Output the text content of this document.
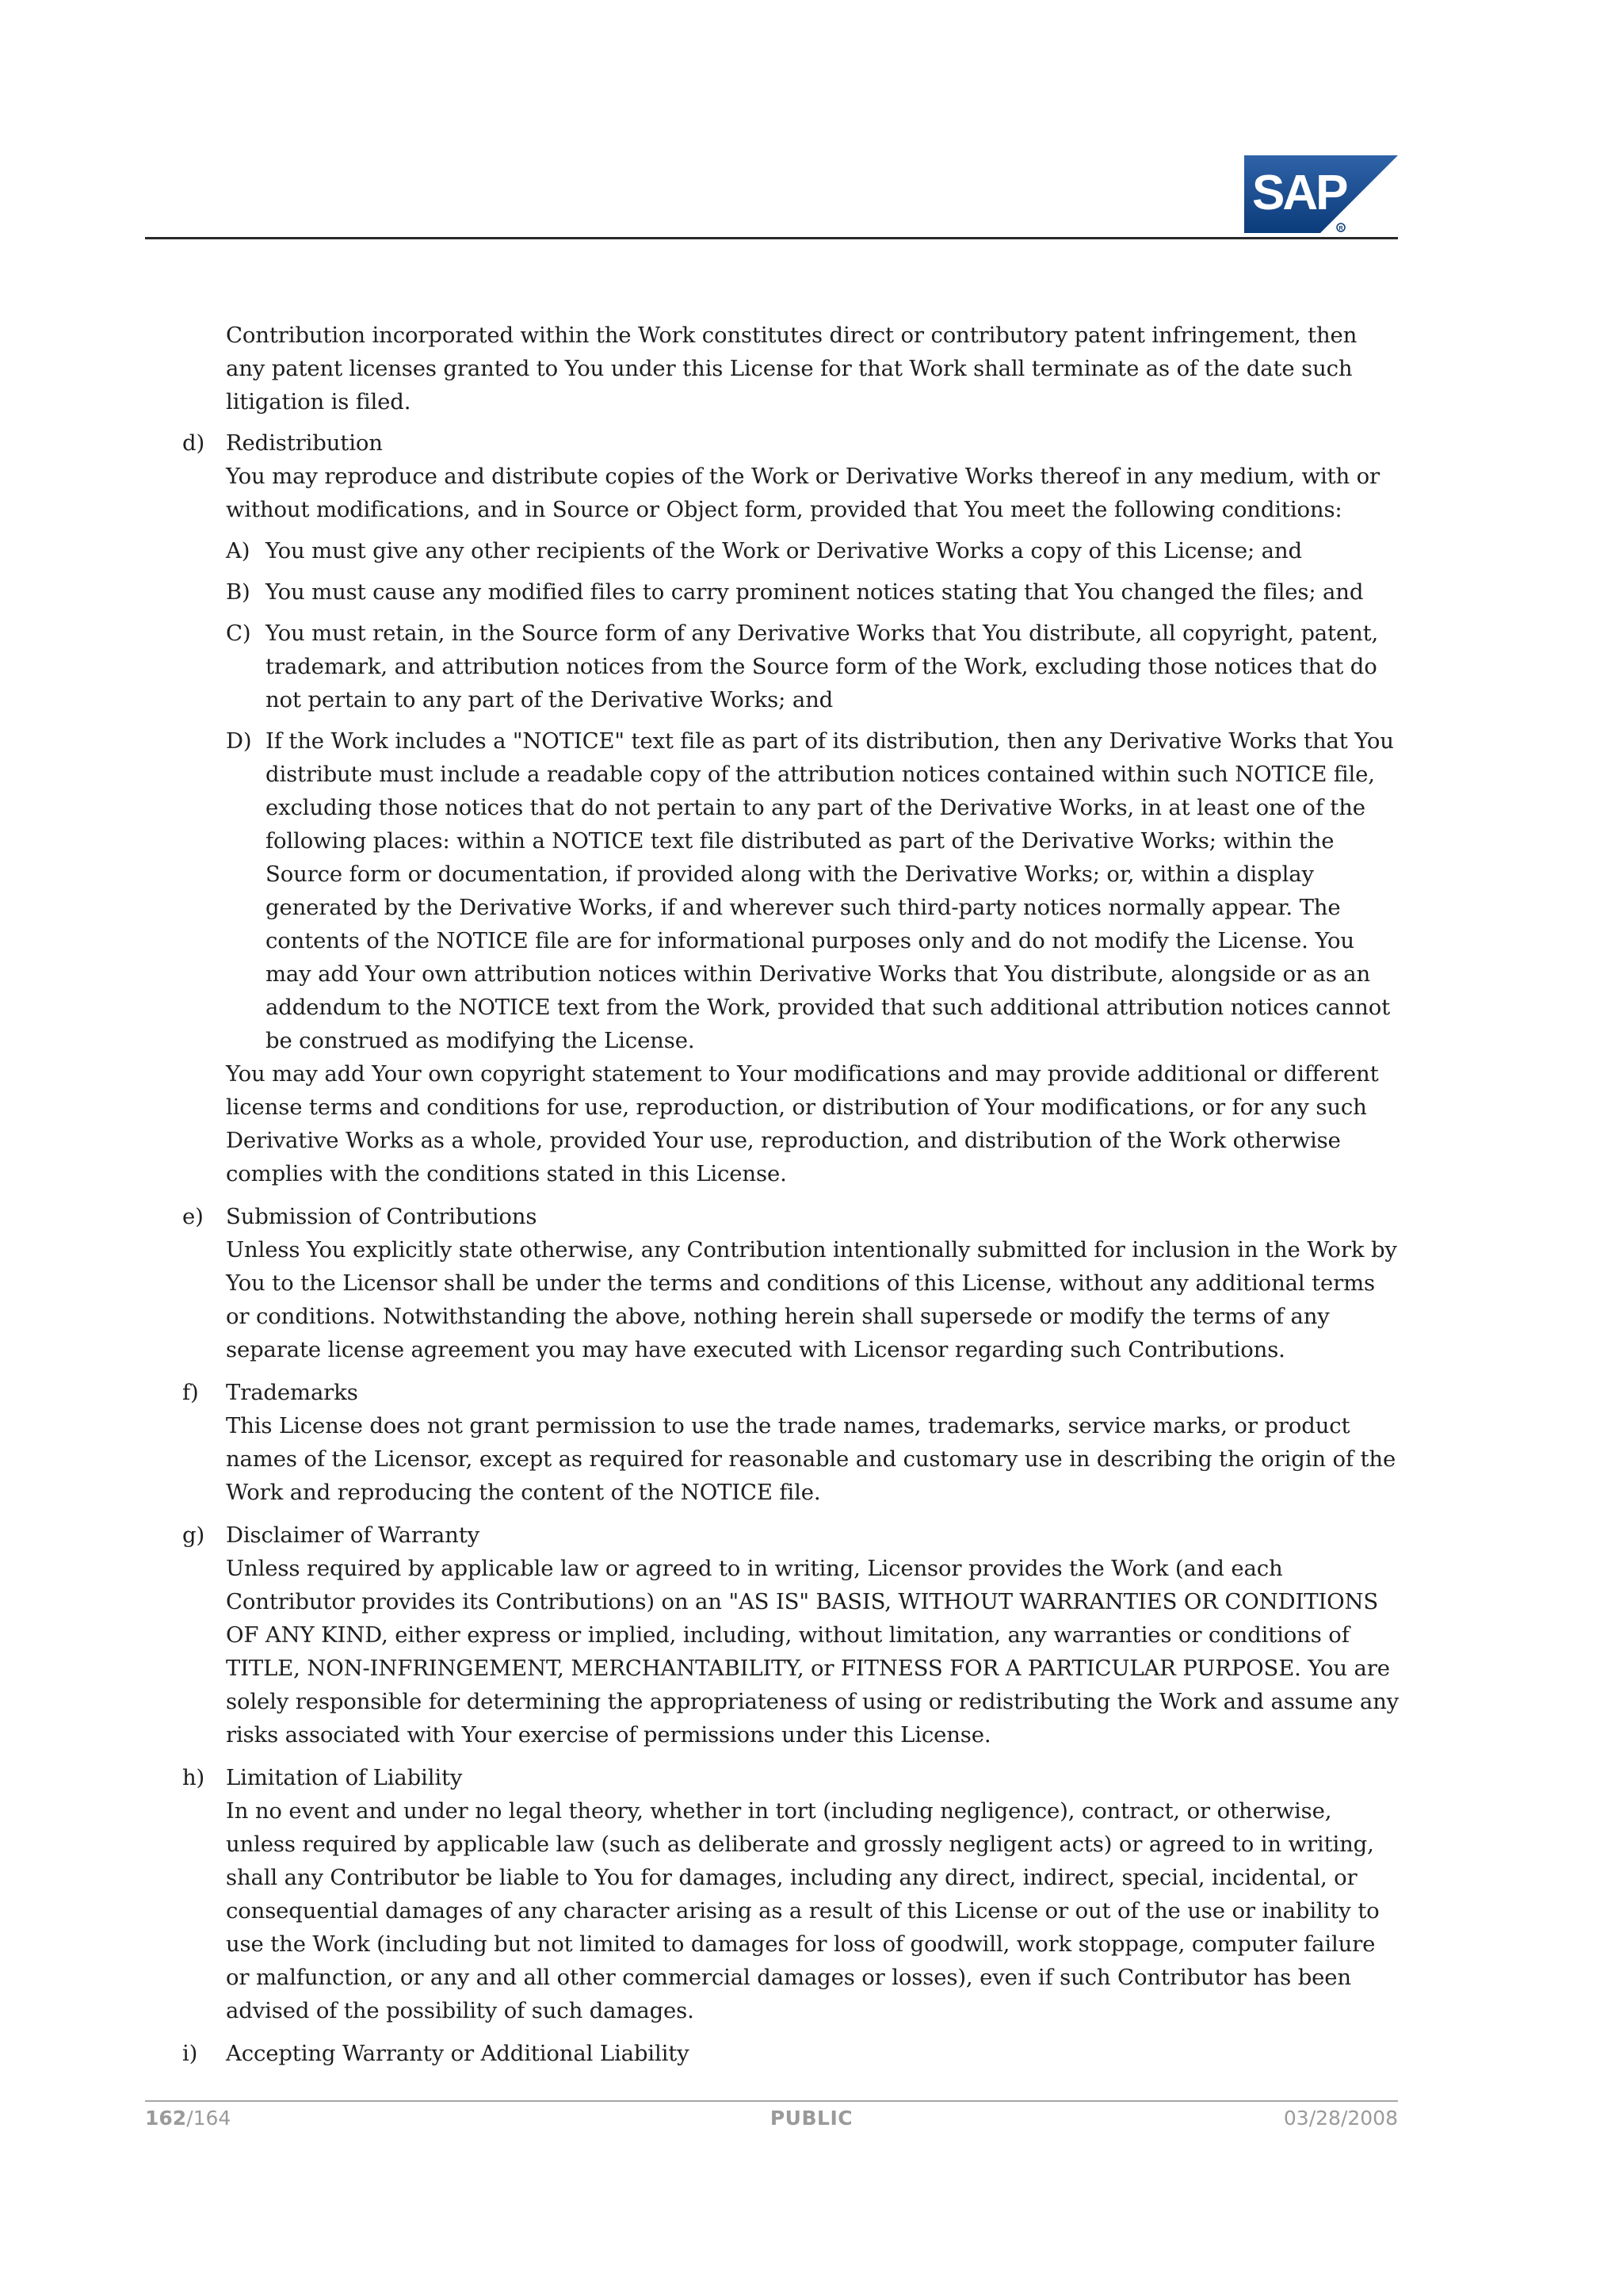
SAP
R

Contribution incorporated within the Work constitutes direct or contributory patent infringement, then any patent licenses granted to You under this License for that Work shall terminate as of the date such litigation is filed.

d) Redistribution

You may reproduce and distribute copies of the Work or Derivative Works thereof in any medium, with or without modifications, and in Source or Object form, provided that You meet the following conditions:

A) You must give any other recipients of the Work or Derivative Works a copy of this License; and

B) You must cause any modified files to carry prominent notices stating that You changed the files; and

C) You must retain, in the Source form of any Derivative Works that You distribute, all copyright, patent, trademark, and attribution notices from the Source form of the Work, excluding those notices that do not pertain to any part of the Derivative Works; and

D) If the Work includes a "NOTICE" text file as part of its distribution, then any Derivative Works that You distribute must include a readable copy of the attribution notices contained within such NOTICE file, excluding those notices that do not pertain to any part of the Derivative Works, in at least one of the following places: within a NOTICE text file distributed as part of the Derivative Works; within the Source form or documentation, if provided along with the Derivative Works; or, within a display generated by the Derivative Works, if and wherever such third-party notices normally appear. The contents of the NOTICE file are for informational purposes only and do not modify the License. You may add Your own attribution notices within Derivative Works that You distribute, alongside or as an addendum to the NOTICE text from the Work, provided that such additional attribution notices cannot be construed as modifying the License.

You may add Your own copyright statement to Your modifications and may provide additional or different license terms and conditions for use, reproduction, or distribution of Your modifications, or for any such Derivative Works as a whole, provided Your use, reproduction, and distribution of the Work otherwise complies with the conditions stated in this License.

e) Submission of Contributions

Unless You explicitly state otherwise, any Contribution intentionally submitted for inclusion in the Work by You to the Licensor shall be under the terms and conditions of this License, without any additional terms or conditions. Notwithstanding the above, nothing herein shall supersede or modify the terms of any separate license agreement you may have executed with Licensor regarding such Contributions.

f) Trademarks

This License does not grant permission to use the trade names, trademarks, service marks, or product names of the Licensor, except as required for reasonable and customary use in describing the origin of the Work and reproducing the content of the NOTICE file.

g) Disclaimer of Warranty

Unless required by applicable law or agreed to in writing, Licensor provides the Work (and each Contributor provides its Contributions) on an "AS IS" BASIS, WITHOUT WARRANTIES OR CONDITIONS OF ANY KIND, either express or implied, including, without limitation, any warranties or conditions of TITLE, NON-INFRINGEMENT, MERCHANTABILITY, or FITNESS FOR A PARTICULAR PURPOSE. You are solely responsible for determining the appropriateness of using or redistributing the Work and assume any risks associated with Your exercise of permissions under this License.

h) Limitation of Liability

In no event and under no legal theory, whether in tort (including negligence), contract, or otherwise, unless required by applicable law (such as deliberate and grossly negligent acts) or agreed to in writing, shall any Contributor be liable to You for damages, including any direct, indirect, special, incidental, or consequential damages of any character arising as a result of this License or out of the use or inability to use the Work (including but not limited to damages for loss of goodwill, work stoppage, computer failure or malfunction, or any and all other commercial damages or losses), even if such Contributor has been advised of the possibility of such damages.

i) Accepting Warranty or Additional Liability
162/164	PUBLIC	03/28/2008
